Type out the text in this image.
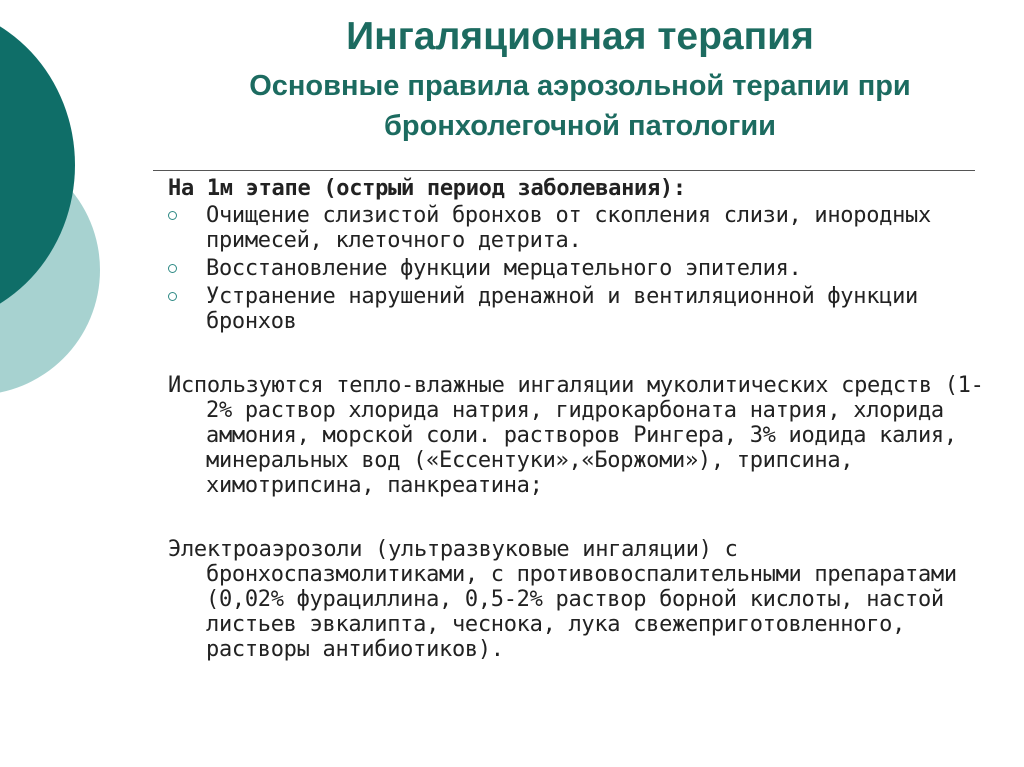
Ингаляционная терапия
Основные правила аэрозольной терапии при
бронхолегочной патологии

На 1м этапе (острый период заболевания):

Очищение слизистой бронхов от скопления слизи, инородных примесей, клеточного детрита.
Восстановление функции мерцательного эпителия.
Устранение нарушений дренажной и вентиляционной функции бронхов

Используются тепло-влажные ингаляции муколитических средств (1-2% раствор хлорида натрия, гидрокарбоната натрия, хлорида аммония, морской соли. растворов Рингера, 3% иодида калия, минеральных вод («Ессентуки»,«Боржоми»), трипсина, химотрипсина, панкреатина;

Электроаэрозоли (ультразвуковые ингаляции) с бронхоспазмолитиками, с противовоспалительными препаратами (0,02% фурациллина, 0,5-2% раствор борной кислоты, настой листьев эвкалипта, чеснока, лука свежеприготовленного, растворы антибиотиков).
